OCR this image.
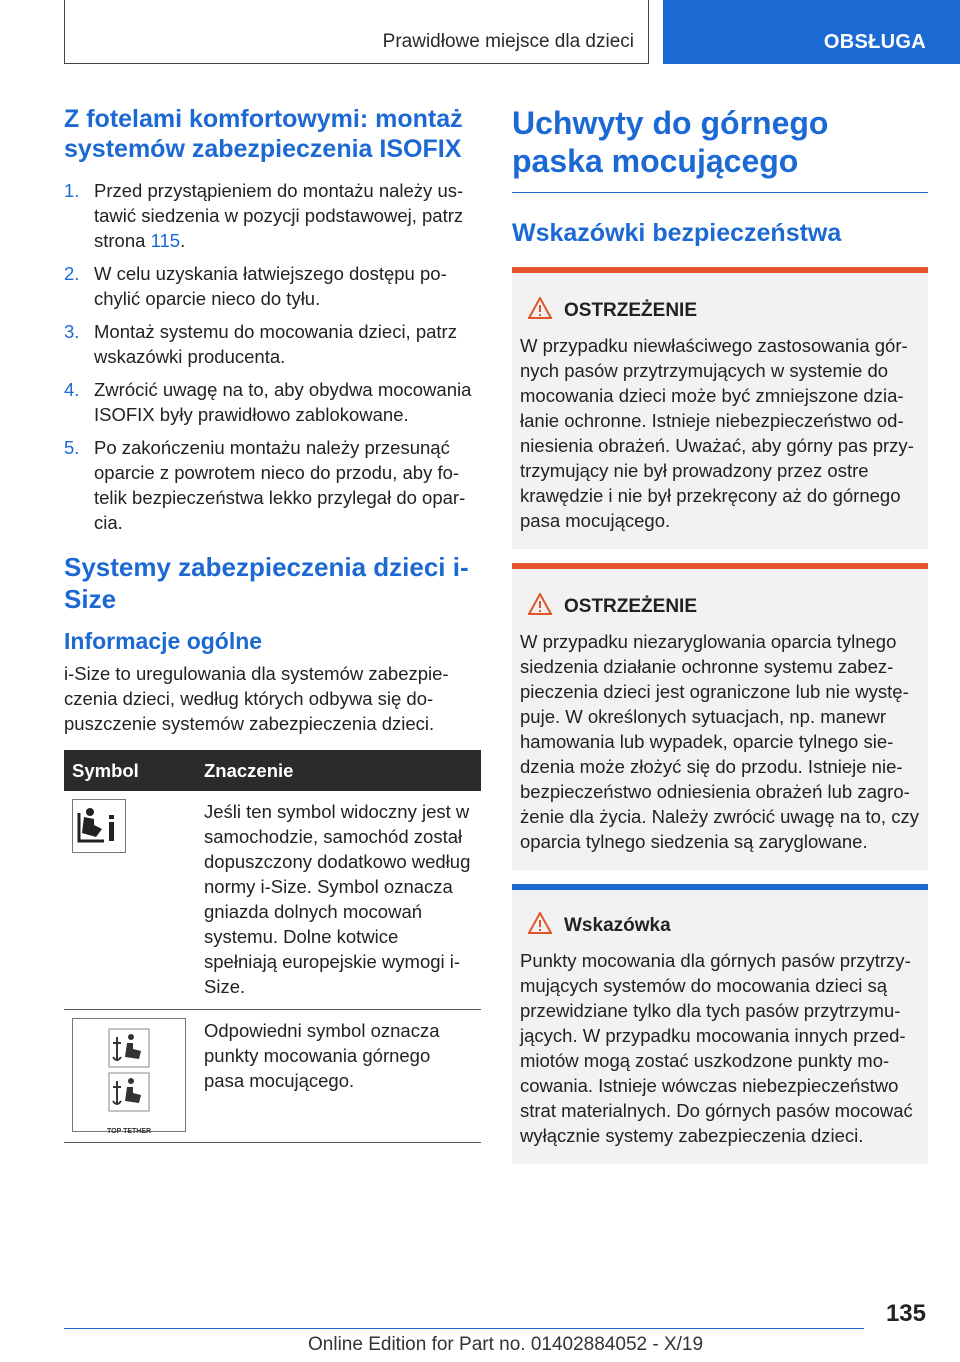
Prawidłowe miejsce dla dzieci	OBSŁUGA
Z fotelami komfortowymi: montaż systemów zabezpieczenia ISOFIX
1. Przed przystąpieniem do montażu należy ustawić siedzenia w pozycji podstawowej, patrz strona 115.
2. W celu uzyskania łatwiejszego dostępu pochylić oparcie nieco do tyłu.
3. Montaż systemu do mocowania dzieci, patrz wskazówki producenta.
4. Zwrócić uwagę na to, aby obydwa mocowania ISOFIX były prawidłowo zablokowane.
5. Po zakończeniu montażu należy przesunąć oparcie z powrotem nieco do przodu, aby fotelik bezpieczeństwa lekko przylegał do oparcia.
Systemy zabezpieczenia dzieci i-Size
Informacje ogólne

i-Size to uregulowania dla systemów zabezpieczenia dzieci, według których odbywa się dopuszczenie systemów zabezpieczenia dzieci.

Symbol	Znaczenie

	Jeśli ten symbol widoczny jest w samochodzie, samochód został dopuszczony dodatkowo według normy i-Size. Symbol oznacza gniazda dolnych mocowań systemu. Dolne kotwice spełniają europejskie wymogi i-Size.

TOP TETHER	Odpowiedni symbol oznacza punkty mocowania górnego pasa mocującego.
Uchwyty do górnego paska mocującego
Wskazówki bezpieczeństwa
OSTRZEŻENIE
W przypadku niewłaściwego zastosowania górnych pasów przytrzymujących w systemie do mocowania dzieci może być zmniejszone działanie ochronne. Istnieje niebezpieczeństwo odniesienia obrażeń. Uważać, aby górny pas przytrzymujący nie był prowadzony przez ostre krawędzie i nie był przekręcony aż do górnego pasa mocującego.
OSTRZEŻENIE
W przypadku niezaryglowania oparcia tylnego siedzenia działanie ochronne systemu zabezpieczenia dzieci jest ograniczone lub nie występuje. W określonych sytuacjach, np. manewr hamowania lub wypadek, oparcie tylnego siedzenia może złożyć się do przodu. Istnieje niebezpieczeństwo odniesienia obrażeń lub zagrożenie dla życia. Należy zwrócić uwagę na to, czy oparcia tylnego siedzenia są zaryglowane.
Wskazówka
Punkty mocowania dla górnych pasów przytrzymujących systemów do mocowania dzieci są przewidziane tylko dla tych pasów przytrzymujących. W przypadku mocowania innych przedmiotów mogą zostać uszkodzone punkty mocowania. Istnieje wówczas niebezpieczeństwo strat materialnych. Do górnych pasów mocować wyłącznie systemy zabezpieczenia dzieci.
135
Online Edition for Part no. 01402884052 - X/19
